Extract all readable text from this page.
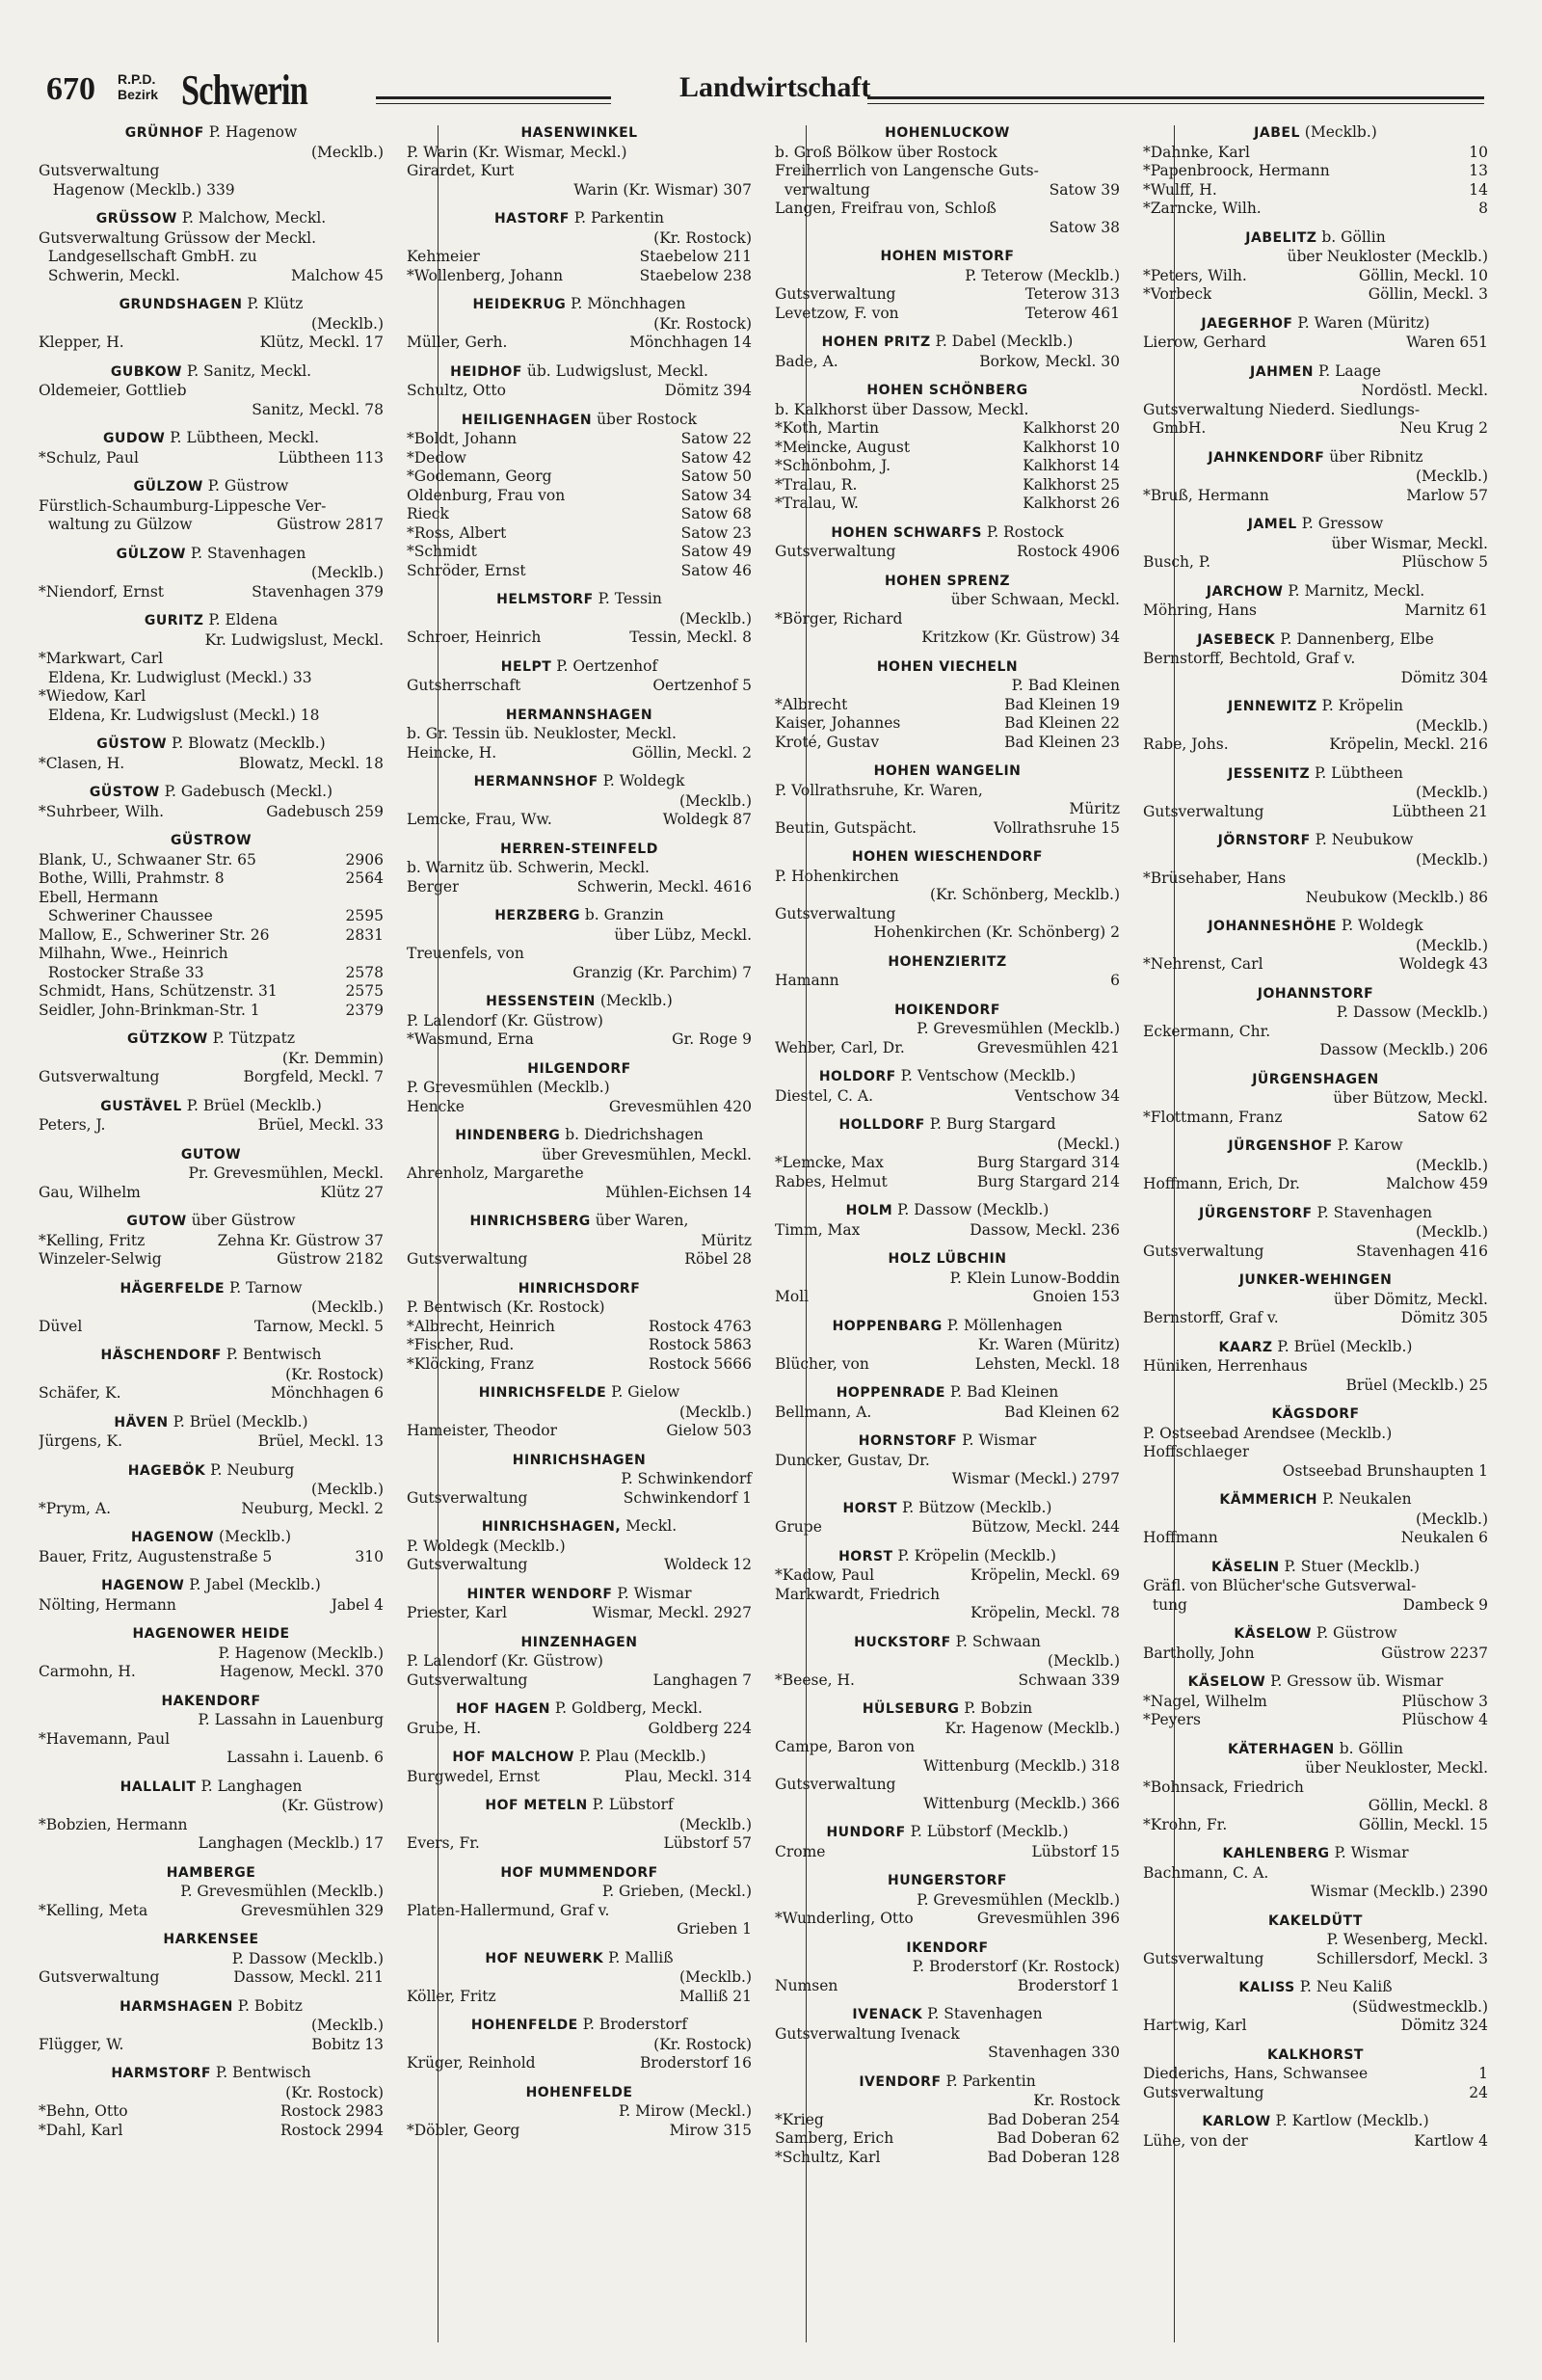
670 R.P.D.
Bezirk Schwerin	Landwirtschaft
GRÜNHOF P. Hagenow
(Mecklb.)
Gutsverwaltung
Hagenow (Mecklb.) 339
GRÜSSOW P. Malchow, Meckl.
Gutsverwaltung Grüssow der Meckl.
Landgesellschaft GmbH. zu
Schwerin, Meckl.	Malchow 45
GRUNDSHAGEN P. Klütz
(Mecklb.)
Klepper, H.	Klütz, Meckl. 17
GUBKOW P. Sanitz, Meckl.
Oldemeier, Gottlieb
Sanitz, Meckl. 78
GUDOW P. Lübtheen, Meckl.
*Schulz, Paul	Lübtheen 113
GÜLZOW P. Güstrow
Fürstlich-Schaumburg-Lippesche Ver-
waltung zu Gülzow	Güstrow 2817
GÜLZOW P. Stavenhagen
(Mecklb.)
*Niendorf, Ernst	Stavenhagen 379
GURITZ P. Eldena
Kr. Ludwigslust, Meckl.
*Markwart, Carl
Eldena, Kr. Ludwiglust (Meckl.) 33
*Wiedow, Karl
Eldena, Kr. Ludwigslust (Meckl.) 18
GÜSTOW P. Blowatz (Mecklb.)
*Clasen, H.	Blowatz, Meckl. 18
GÜSTOW P. Gadebusch (Meckl.)
*Suhrbeer, Wilh.	Gadebusch 259
GÜSTROW
Blank, U., Schwaaner Str. 65	2906
Bothe, Willi, Prahmstr. 8	2564
Ebell, Hermann
Schweriner Chaussee	2595
Mallow, E., Schweriner Str. 26	2831
Milhahn, Wwe., Heinrich
Rostocker Straße 33	2578
Schmidt, Hans, Schützenstr. 31	2575
Seidler, John-Brinkman-Str. 1	2379
GÜTZKOW P. Tützpatz
(Kr. Demmin)
Gutsverwaltung	Borgfeld, Meckl. 7
GUSTÄVEL P. Brüel (Mecklb.)
Peters, J.	Brüel, Meckl. 33
GUTOW
Pr. Grevesmühlen, Meckl.
Gau, Wilhelm	Klütz 27
GUTOW über Güstrow
*Kelling, Fritz	Zehna Kr. Güstrow 37
Winzeler-Selwig	Güstrow 2182
HÄGERFELDE P. Tarnow
(Mecklb.)
Düvel	Tarnow, Meckl. 5
HÄSCHENDORF P. Bentwisch
(Kr. Rostock)
Schäfer, K.	Mönchhagen 6
HÄVEN P. Brüel (Mecklb.)
Jürgens, K.	Brüel, Meckl. 13
HAGEBÖK P. Neuburg
(Mecklb.)
*Prym, A.	Neuburg, Meckl. 2
HAGENOW (Mecklb.)
Bauer, Fritz, Augustenstraße 5	310
HAGENOW P. Jabel (Mecklb.)
Nölting, Hermann	Jabel 4
HAGENOWER HEIDE
P. Hagenow (Mecklb.)
Carmohn, H.	Hagenow, Meckl. 370
HAKENDORF
P. Lassahn in Lauenburg
*Havemann, Paul
Lassahn i. Lauenb. 6
HALLALIT P. Langhagen
(Kr. Güstrow)
*Bobzien, Hermann
Langhagen (Mecklb.) 17
HAMBERGE
P. Grevesmühlen (Mecklb.)
*Kelling, Meta	Grevesmühlen 329
HARKENSEE
P. Dassow (Mecklb.)
Gutsverwaltung	Dassow, Meckl. 211
HARMSHAGEN P. Bobitz
(Mecklb.)
Flügger, W.	Bobitz 13
HARMSTORF P. Bentwisch
(Kr. Rostock)
*Behn, Otto	Rostock 2983
*Dahl, Karl	Rostock 2994
HASENWINKEL
P. Warin (Kr. Wismar, Meckl.)
Girardet, Kurt
Warin (Kr. Wismar) 307
HASTORF P. Parkentin
(Kr. Rostock)
Kehmeier	Staebelow 211
*Wollenberg, Johann	Staebelow 238
HEIDEKRUG P. Mönchhagen
(Kr. Rostock)
Müller, Gerh.	Mönchhagen 14
HEIDHOF üb. Ludwigslust, Meckl.
Schultz, Otto	Dömitz 394
HEILIGENHAGEN über Rostock
*Boldt, Johann	Satow 22
*Dedow	Satow 42
*Godemann, Georg	Satow 50
Oldenburg, Frau von	Satow 34
Rieck	Satow 68
*Ross, Albert	Satow 23
*Schmidt	Satow 49
Schröder, Ernst	Satow 46
HELMSTORF P. Tessin
(Mecklb.)
Schroer, Heinrich	Tessin, Meckl. 8
HELPT P. Oertzenhof
Gutsherrschaft	Oertzenhof 5
HERMANNSHAGEN
b. Gr. Tessin üb. Neukloster, Meckl.
Heincke, H.	Göllin, Meckl. 2
HERMANNSHOF P. Woldegk
(Mecklb.)
Lemcke, Frau, Ww.	Woldegk 87
HERREN-STEINFELD
b. Warnitz üb. Schwerin, Meckl.
Berger	Schwerin, Meckl. 4616
HERZBERG b. Granzin
über Lübz, Meckl.
Treuenfels, von
Granzig (Kr. Parchim) 7
HESSENSTEIN (Mecklb.)
P. Lalendorf (Kr. Güstrow)
*Wasmund, Erna	Gr. Roge 9
HILGENDORF
P. Grevesmühlen (Mecklb.)
Hencke	Grevesmühlen 420
HINDENBERG b. Diedrichshagen
über Grevesmühlen, Meckl.
Ahrenholz, Margarethe
Mühlen-Eichsen 14
HINRICHSBERG über Waren,
Müritz
Gutsverwaltung	Röbel 28
HINRICHSDORF
P. Bentwisch (Kr. Rostock)
*Albrecht, Heinrich	Rostock 4763
*Fischer, Rud.	Rostock 5863
*Klöcking, Franz	Rostock 5666
HINRICHSFELDE P. Gielow
(Mecklb.)
Hameister, Theodor	Gielow 503
HINRICHSHAGEN
P. Schwinkendorf
Gutsverwaltung	Schwinkendorf 1
HINRICHSHAGEN, Meckl.
P. Woldegk (Mecklb.)
Gutsverwaltung	Woldeck 12
HINTER WENDORF P. Wismar
Priester, Karl	Wismar, Meckl. 2927
HINZENHAGEN
P. Lalendorf (Kr. Güstrow)
Gutsverwaltung	Langhagen 7
HOF HAGEN P. Goldberg, Meckl.
Grube, H.	Goldberg 224
HOF MALCHOW P. Plau (Mecklb.)
Burgwedel, Ernst	Plau, Meckl. 314
HOF METELN P. Lübstorf
(Mecklb.)
Evers, Fr.	Lübstorf 57
HOF MUMMENDORF
P. Grieben, (Meckl.)
Platen-Hallermund, Graf v.
Grieben 1
HOF NEUWERK P. Malliß
(Mecklb.)
Köller, Fritz	Malliß 21
HOHENFELDE P. Broderstorf
(Kr. Rostock)
Krüger, Reinhold	Broderstorf 16
HOHENFELDE
P. Mirow (Meckl.)
*Döbler, Georg	Mirow 315
HOHENLUCKOW
b. Groß Bölkow über Rostock
Freiherrlich von Langensche Guts-
verwaltung	Satow 39
Langen, Freifrau von, Schloß
Satow 38
HOHEN MISTORF
P. Teterow (Mecklb.)
Gutsverwaltung	Teterow 313
Levetzow, F. von	Teterow 461
HOHEN PRITZ P. Dabel (Mecklb.)
Bade, A.	Borkow, Meckl. 30
HOHEN SCHÖNBERG
b. Kalkhorst über Dassow, Meckl.
*Koth, Martin	Kalkhorst 20
*Meincke, August	Kalkhorst 10
*Schönbohm, J.	Kalkhorst 14
*Tralau, R.	Kalkhorst 25
*Tralau, W.	Kalkhorst 26
HOHEN SCHWARFS P. Rostock
Gutsverwaltung	Rostock 4906
HOHEN SPRENZ
über Schwaan, Meckl.
*Börger, Richard
Kritzkow (Kr. Güstrow) 34
HOHEN VIECHELN
P. Bad Kleinen
*Albrecht	Bad Kleinen 19
Kaiser, Johannes	Bad Kleinen 22
Kroté, Gustav	Bad Kleinen 23
HOHEN WANGELIN
P. Vollrathsruhe, Kr. Waren,
Müritz
Beutin, Gutspächt.	Vollrathsruhe 15
HOHEN WIESCHENDORF
P. Hohenkirchen
(Kr. Schönberg, Mecklb.)
Gutsverwaltung
Hohenkirchen (Kr. Schönberg) 2
HOHENZIERITZ
Hamann	6
HOIKENDORF
P. Grevesmühlen (Mecklb.)
Wehber, Carl, Dr.	Grevesmühlen 421
HOLDORF P. Ventschow (Mecklb.)
Diestel, C. A.	Ventschow 34
HOLLDORF P. Burg Stargard
(Meckl.)
*Lemcke, Max	Burg Stargard 314
Rabes, Helmut	Burg Stargard 214
HOLM P. Dassow (Mecklb.)
Timm, Max	Dassow, Meckl. 236
HOLZ LÜBCHIN
P. Klein Lunow-Boddin
Moll	Gnoien 153
HOPPENBARG P. Möllenhagen
Kr. Waren (Müritz)
Blücher, von	Lehsten, Meckl. 18
HOPPENRADE P. Bad Kleinen
Bellmann, A.	Bad Kleinen 62
HORNSTORF P. Wismar
Duncker, Gustav, Dr.
Wismar (Meckl.) 2797
HORST P. Bützow (Mecklb.)
Grupe	Bützow, Meckl. 244
HORST P. Kröpelin (Mecklb.)
*Kadow, Paul	Kröpelin, Meckl. 69
Markwardt, Friedrich
Kröpelin, Meckl. 78
HUCKSTORF P. Schwaan
(Mecklb.)
*Beese, H.	Schwaan 339
HÜLSEBURG P. Bobzin
Kr. Hagenow (Mecklb.)
Campe, Baron von
Wittenburg (Mecklb.) 318
Gutsverwaltung
Wittenburg (Mecklb.) 366
HUNDORF P. Lübstorf (Mecklb.)
Crome	Lübstorf 15
HUNGERSTORF
P. Grevesmühlen (Mecklb.)
*Wunderling, Otto	Grevesmühlen 396
IKENDORF
P. Broderstorf (Kr. Rostock)
Numsen	Broderstorf 1
IVENACK P. Stavenhagen
Gutsverwaltung Ivenack
Stavenhagen 330
IVENDORF P. Parkentin
Kr. Rostock
*Krieg	Bad Doberan 254
Samberg, Erich	Bad Doberan 62
*Schultz, Karl	Bad Doberan 128
JABEL (Mecklb.)
*Dahnke, Karl	10
*Papenbroock, Hermann	13
*Wulff, H.	14
*Zarncke, Wilh.	8
JABELITZ b. Göllin
über Neukloster (Mecklb.)
*Peters, Wilh.	Göllin, Meckl. 10
*Vorbeck	Göllin, Meckl. 3
JAEGERHOF P. Waren (Müritz)
Lierow, Gerhard	Waren 651
JAHMEN P. Laage
Nordöstl. Meckl.
Gutsverwaltung Niederd. Siedlungs-
GmbH.	Neu Krug 2
JAHNKENDORF über Ribnitz
(Mecklb.)
*Bruß, Hermann	Marlow 57
JAMEL P. Gressow
über Wismar, Meckl.
Busch, P.	Plüschow 5
JARCHOW P. Marnitz, Meckl.
Möhring, Hans	Marnitz 61
JASEBECK P. Dannenberg, Elbe
Bernstorff, Bechtold, Graf v.
Dömitz 304
JENNEWITZ P. Kröpelin
(Mecklb.)
Rabe, Johs.	Kröpelin, Meckl. 216
JESSENITZ P. Lübtheen
(Mecklb.)
Gutsverwaltung	Lübtheen 21
JÖRNSTORF P. Neubukow
(Mecklb.)
*Brüsehaber, Hans
Neubukow (Mecklb.) 86
JOHANNESHÖHE P. Woldegk
(Mecklb.)
*Nehrenst, Carl	Woldegk 43
JOHANNSTORF
P. Dassow (Mecklb.)
Eckermann, Chr.
Dassow (Mecklb.) 206
JÜRGENSHAGEN
über Bützow, Meckl.
*Flottmann, Franz	Satow 62
JÜRGENSHOF P. Karow
(Mecklb.)
Hoffmann, Erich, Dr.	Malchow 459
JÜRGENSTORF P. Stavenhagen
(Mecklb.)
Gutsverwaltung	Stavenhagen 416
JUNKER-WEHINGEN
über Dömitz, Meckl.
Bernstorff, Graf v.	Dömitz 305
KAARZ P. Brüel (Mecklb.)
Hüniken, Herrenhaus
Brüel (Mecklb.) 25
KÄGSDORF
P. Ostseebad Arendsee (Mecklb.)
Hoffschlaeger
Ostseebad Brunshaupten 1
KÄMMERICH P. Neukalen
(Mecklb.)
Hoffmann	Neukalen 6
KÄSELIN P. Stuer (Mecklb.)
Gräfl. von Blücher'sche Gutsverwal-
tung	Dambeck 9
KÄSELOW P. Güstrow
Bartholly, John	Güstrow 2237
KÄSELOW P. Gressow üb. Wismar
*Nagel, Wilhelm	Plüschow 3
*Peyers	Plüschow 4
KÄTERHAGEN b. Göllin
über Neukloster, Meckl.
*Bohnsack, Friedrich
Göllin, Meckl. 8
*Krohn, Fr.	Göllin, Meckl. 15
KAHLENBERG P. Wismar
Bachmann, C. A.
Wismar (Mecklb.) 2390
KAKELDÜTT
P. Wesenberg, Meckl.
Gutsverwaltung	Schillersdorf, Meckl. 3
KALISS P. Neu Kaliß
(Südwestmecklb.)
Hartwig, Karl	Dömitz 324
KALKHORST
Diederichs, Hans, Schwansee	1
Gutsverwaltung	24
KARLOW P. Kartlow (Mecklb.)
Lühe, von der	Kartlow 4
